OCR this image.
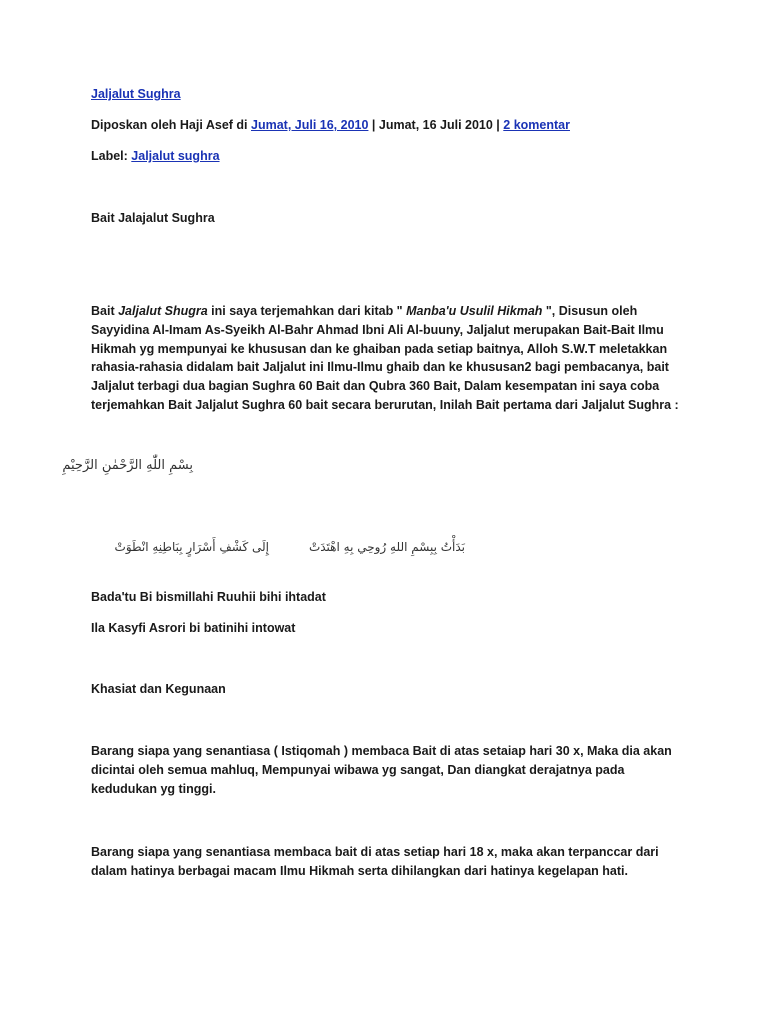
Jaljalut Sughra
Diposkan oleh Haji Asef di Jumat, Juli 16, 2010 | Jumat, 16 Juli 2010 | 2 komentar
Label: Jaljalut sughra
Bait Jalajalut Sughra
Bait Jaljalut Shugra ini saya terjemahkan dari kitab " Manba'u Usulil Hikmah ", Disusun oleh Sayyidina Al-Imam As-Syeikh Al-Bahr Ahmad Ibni Ali Al-buuny, Jaljalut merupakan Bait-Bait Ilmu Hikmah yg mempunyai ke khususan dan ke ghaiban pada setiap baitnya, Alloh S.W.T meletakkan rahasia-rahasia didalam bait Jaljalut ini Ilmu-Ilmu ghaib dan ke khususan2 bagi pembacanya, bait Jaljalut terbagi dua bagian Sughra 60 Bait dan Qubra 360 Bait, Dalam kesempatan ini saya coba terjemahkan Bait Jaljalut Sughra 60 bait secara berurutan, Inilah Bait pertama dari Jaljalut Sughra :
بِسْمِ اللّٰهِ الرَّحْمٰنِ الرَّحِيْمِ
بَدَأْتُ بِبِسْمِ اللهِ رُوحِي بِهِ اهْتَدَتْ
إِلَى كَشْفِ أَسْرَارٍ بِبَاطِنِهِ انْطَوَتْ
Bada'tu Bi bismillahi Ruuhii bihi ihtadat
Ila Kasyfi Asrori bi batinihi intowat
Khasiat dan Kegunaan
Barang siapa yang senantiasa ( Istiqomah ) membaca Bait di atas setaiap hari 30 x, Maka dia akan dicintai oleh semua mahluq, Mempunyai wibawa yg sangat, Dan diangkat derajatnya pada kedudukan yg tinggi.
Barang siapa yang senantiasa membaca bait di atas setiap hari 18 x, maka akan terpanccar dari dalam hatinya berbagai macam Ilmu Hikmah serta dihilangkan dari hatinya kegelapan hati.
